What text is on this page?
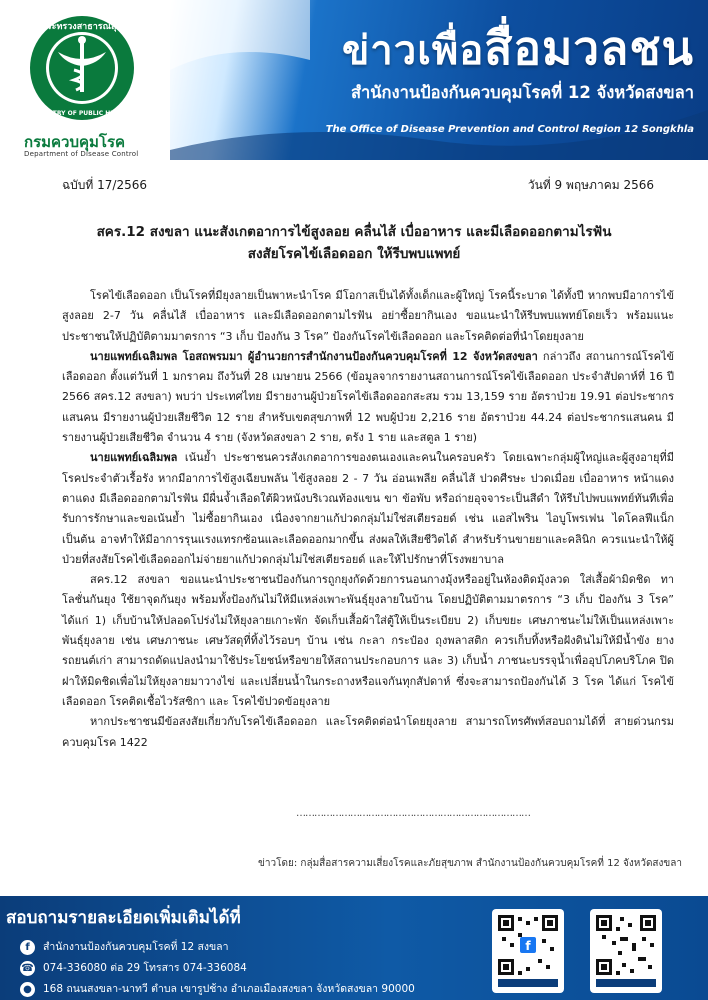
กระทรวงสาธารณสุข
MINISTRY OF PUBLIC HEALTH
กรมควบคุมโรค
Department of Disease Control
ข่าวเพื่อสื่อมวลชน
สำนักงานป้องกันควบคุมโรคที่ 12 จังหวัดสงขลา
The Office of Disease Prevention and Control Region 12 Songkhla
ฉบับที่ 17/2566	วันที่ 9 พฤษภาคม 2566
สคร.12 สงขลา แนะสังเกตอาการไข้สูงลอย คลื่นไส้ เบื่ออาหาร และมีเลือดออกตามไรฟัน
สงสัยโรคไข้เลือดออก ให้รีบพบแพทย์

โรคไข้เลือดออก เป็นโรคที่มียุงลายเป็นพาหะนำโรค มีโอกาสเป็นได้ทั้งเด็กและผู้ใหญ่ โรคนี้ระบาด ได้ทั้งปี หากพบมีอาการไข้สูงลอย 2-7 วัน คลื่นไส้ เบื่ออาหาร และมีเลือดออกตามไรฟัน อย่าซื้อยากินเอง ขอแนะนำให้รีบพบแพทย์โดยเร็ว พร้อมแนะประชาชนให้ปฏิบัติตามมาตรการ “3 เก็บ ป้องกัน 3 โรค” ป้องกันโรคไข้เลือดออก และโรคติดต่อที่นำโดยยุงลาย

นายแพทย์เฉลิมพล โอสถพรมมา ผู้อำนวยการสำนักงานป้องกันควบคุมโรคที่ 12 จังหวัดสงขลา กล่าวถึง สถานการณ์โรคไข้เลือดออก ตั้งแต่วันที่ 1 มกราคม ถึงวันที่ 28 เมษายน 2566 (ข้อมูลจากรายงานสถานการณ์โรคไข้เลือดออก ประจำสัปดาห์ที่ 16 ปี 2566 สคร.12 สงขลา) พบว่า ประเทศไทย มีรายงานผู้ป่วยโรคไข้เลือดออกสะสม รวม 13,159 ราย อัตราป่วย 19.91 ต่อประชากรแสนคน มีรายงานผู้ป่วยเสียชีวิต 12 ราย สำหรับเขตสุขภาพที่ 12 พบผู้ป่วย 2,216 ราย อัตราป่วย 44.24 ต่อประชากรแสนคน มีรายงานผู้ป่วยเสียชีวิต จำนวน 4 ราย (จังหวัดสงขลา 2 ราย, ตรัง 1 ราย และสตูล 1 ราย)

นายแพทย์เฉลิมพล เน้นย้ำ ประชาชนควรสังเกตอาการของตนเองและคนในครอบครัว โดยเฉพาะกลุ่มผู้ใหญ่และผู้สูงอายุที่มีโรคประจำตัวเรื้อรัง หากมีอาการไข้สูงเฉียบพลัน ไข้สูงลอย 2 - 7 วัน อ่อนเพลีย คลื่นไส้ ปวดศีรษะ ปวดเมื่อย เบื่ออาหาร หน้าแดง ตาแดง มีเลือดออกตามไรฟัน มีผื่นจ้ำเลือดใต้ผิวหนังบริเวณท้องแขน ขา ข้อพับ หรือถ่ายอุจจาระเป็นสีดำ ให้รีบไปพบแพทย์ทันทีเพื่อรับการรักษาและขอเน้นย้ำ ไม่ซื้อยากินเอง เนื่องจากยาแก้ปวดกลุ่มไม่ใช่สเตียรอยด์ เช่น แอสไพริน ไอบูโพรเฟน ไดโคลฟีแน็ก เป็นต้น อาจทำให้มีอาการรุนแรงแทรกซ้อนและเลือดออกมากขึ้น ส่งผลให้เสียชีวิตได้ สำหรับร้านขายยาและคลินิก ควรแนะนำให้ผู้ป่วยที่สงสัยโรคไข้เลือดออกไม่จ่ายยาแก้ปวดกลุ่มไม่ใช่สเตียรอยด์ และให้ไปรักษาที่โรงพยาบาล

สคร.12 สงขลา ขอแนะนำประชาชนป้องกันการถูกยุงกัดด้วยการนอนกางมุ้งหรืออยู่ในห้องติดมุ้งลวด ใส่เสื้อผ้ามิดชิด ทาโลชั่นกันยุง ใช้ยาจุดกันยุง พร้อมทั้งป้องกันไม่ให้มีแหล่งเพาะพันธุ์ยุงลายในบ้าน โดยปฏิบัติตามมาตรการ “3 เก็บ ป้องกัน 3 โรค” ได้แก่ 1) เก็บบ้านให้ปลอดโปร่งไม่ให้ยุงลายเกาะพัก จัดเก็บเสื้อผ้าใส่ตู้ให้เป็นระเบียบ 2) เก็บขยะ เศษภาชนะไม่ให้เป็นแหล่งเพาะพันธุ์ยุงลาย เช่น เศษภาชนะ เศษวัสดุที่ทิ้งไว้รอบๆ บ้าน เช่น กะลา กระป๋อง ถุงพลาสติก ควรเก็บทิ้งหรือฝังดินไม่ให้มีน้ำขัง ยางรถยนต์เก่า สามารถดัดแปลงนำมาใช้ประโยชน์หรือขายให้สถานประกอบการ และ 3) เก็บน้ำ ภาชนะบรรจุน้ำเพื่ออุปโภคบริโภค ปิดฝาให้มิดชิดเพื่อไม่ให้ยุงลายมาวางไข่ และเปลี่ยนน้ำในกระถางหรือแจกันทุกสัปดาห์ ซึ่งจะสามารถป้องกันได้ 3 โรค ได้แก่ โรคไข้เลือดออก โรคติดเชื้อไวรัสซิกา และ โรคไข้ปวดข้อยุงลาย

หากประชาชนมีข้อสงสัยเกี่ยวกับโรคไข้เลือดออก และโรคติดต่อนำโดยยุงลาย สามารถโทรศัพท์สอบถามได้ที่ สายด่วนกรมควบคุมโรค 1422

……………………………………………………………………
ข่าวโดย: กลุ่มสื่อสารความเสี่ยงโรคและภัยสุขภาพ สำนักงานป้องกันควบคุมโรคที่ 12 จังหวัดสงขลา
สอบถามรายละเอียดเพิ่มเติมได้ที่
f สำนักงานป้องกันควบคุมโรคที่ 12 สงขลา
☎ 074-336080 ต่อ 29 โทรสาร 074-336084
● 168 ถนนสงขลา-นาทวี ตำบล เขารูปช้าง อำเภอเมืองสงขลา จังหวัดสงขลา 90000
f
